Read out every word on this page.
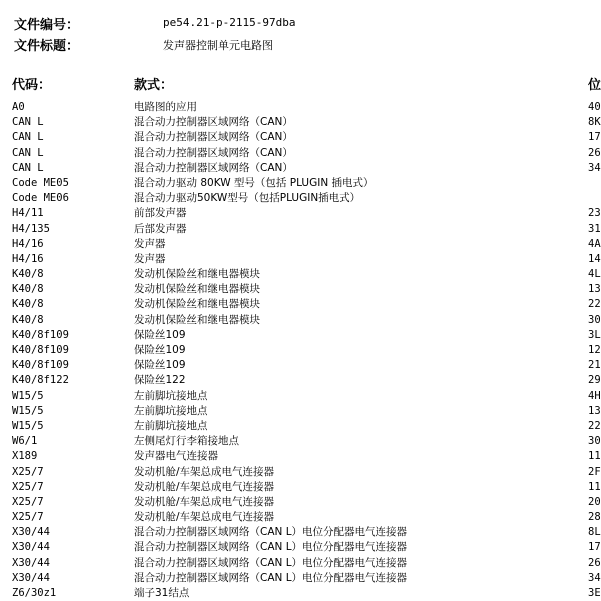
文件编号：	pe54.21-p-2115-97dba
文件标题：	发声器控制单元电路图
代码：	款式：	位
A0	电路图的应用	40
CAN L	混合动力控制器区域网络（CAN）	8K
CAN L	混合动力控制器区域网络（CAN）	17
CAN L	混合动力控制器区域网络（CAN）	26
CAN L	混合动力控制器区域网络（CAN）	34
Code ME05	混合动力驱动 80KW 型号（包括 PLUGIN 插电式）
Code ME06	混合动力驱动50KW型号（包括PLUGIN插电式）
H4/11	前部发声器	23
H4/135	后部发声器	31
H4/16	发声器	4A
H4/16	发声器	14
K40/8	发动机保险丝和继电器模块	4L
K40/8	发动机保险丝和继电器模块	13
K40/8	发动机保险丝和继电器模块	22
K40/8	发动机保险丝和继电器模块	30
K40/8f109	保险丝109	3L
K40/8f109	保险丝109	12
K40/8f109	保险丝109	21
K40/8f122	保险丝122	29
W15/5	左前脚坑接地点	4H
W15/5	左前脚坑接地点	13
W15/5	左前脚坑接地点	22
W6/1	左侧尾灯行李箱接地点	30
X189	发声器电气连接器	11
X25/7	发动机舱/车架总成电气连接器	2F
X25/7	发动机舱/车架总成电气连接器	11
X25/7	发动机舱/车架总成电气连接器	20
X25/7	发动机舱/车架总成电气连接器	28
X30/44	混合动力控制器区域网络（CAN L）电位分配器电气连接器	8L
X30/44	混合动力控制器区域网络（CAN L）电位分配器电气连接器	17
X30/44	混合动力控制器区域网络（CAN L）电位分配器电气连接器	26
X30/44	混合动力控制器区域网络（CAN L）电位分配器电气连接器	34
Z6/30z1	端子31结点	3E
